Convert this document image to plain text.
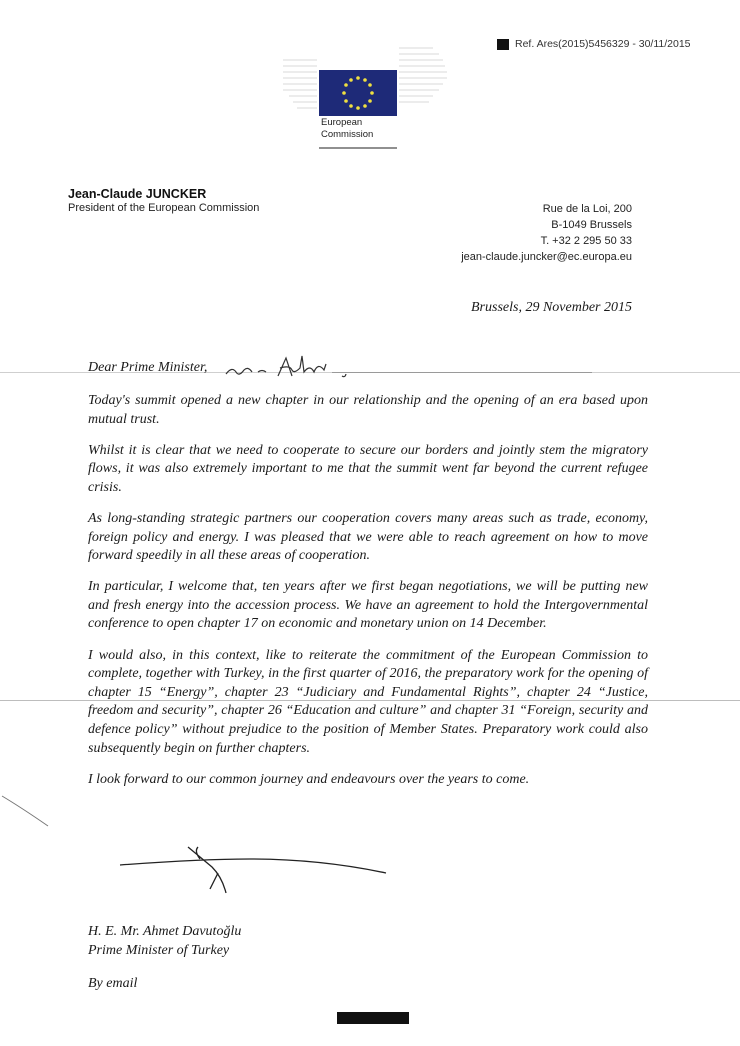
Ref. Ares(2015)5456329 - 30/11/2015
European
Commission
Jean-Claude JUNCKER
President of the European Commission	Rue de la Loi, 200
B-1049 Brussels
T. +32 2 295 50 33
jean-claude.juncker@ec.europa.eu
Brussels, 29 November 2015
Dear Prime Minister,

Today's summit opened a new chapter in our relationship and the opening of an era based upon mutual trust.

Whilst it is clear that we need to cooperate to secure our borders and jointly stem the migratory flows, it was also extremely important to me that the summit went far beyond the current refugee crisis.

As long-standing strategic partners our cooperation covers many areas such as trade, economy, foreign policy and energy. I was pleased that we were able to reach agreement on how to move forward speedily in all these areas of cooperation.

In particular, I welcome that, ten years after we first began negotiations, we will be putting new and fresh energy into the accession process. We have an agreement to hold the Intergovernmental conference to open chapter 17 on economic and monetary union on 14 December.

I would also, in this context, like to reiterate the commitment of the European Commission to complete, together with Turkey, in the first quarter of 2016, the preparatory work for the opening of chapter 15 “Energy”, chapter 23 “Judiciary and Fundamental Rights”, chapter 24 “Justice, freedom and security”, chapter 26 “Education and culture” and chapter 31 “Foreign, security and defence policy” without prejudice to the position of Member States. Preparatory work could also subsequently begin on further chapters.

I look forward to our common journey and endeavours over the years to come.

H. E. Mr. Ahmet Davutoğlu
Prime Minister of Turkey
By email
